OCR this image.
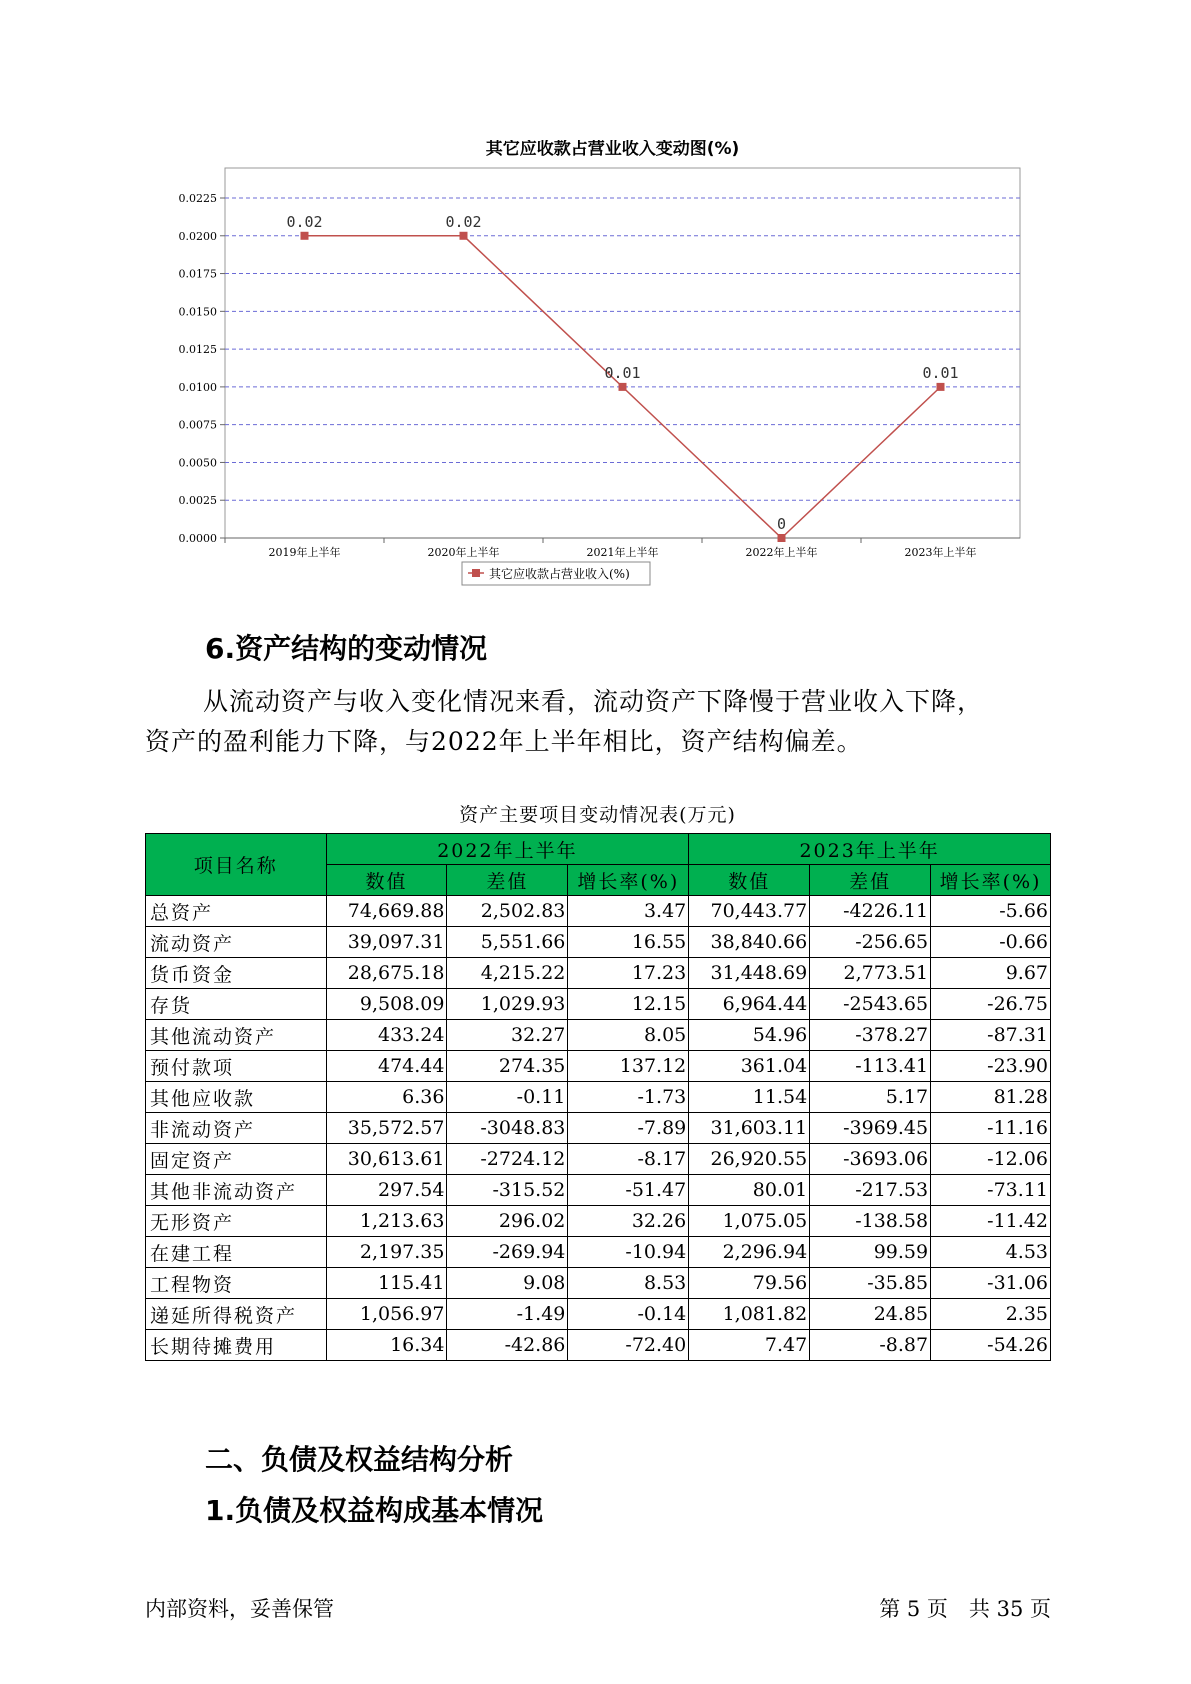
其它应收款占营业收入变动图(%)
0.0000
0.0025
0.0050
0.0075
0.0100
0.0125
0.0150
0.0175
0.0200
0.0225
2019年上半年	2020年上半年	2021年上半年	2022年上半年	2023年上半年
0.02	0.02
0.01
0
0.01
其它应收款占营业收入(%)
6.资产结构的变动情况
从流动资产与收入变化情况来看，流动资产下降慢于营业收入下降，
资产的盈利能力下降，与2022年上半年相比，资产结构偏差。
资产主要项目变动情况表(万元)
项目名称	2022年上半年			2023年上半年		
	数值	差值	增长率(%)	数值	差值	增长率(%)
总资产	74,669.88	2,502.83	3.47	70,443.77	-4226.11	-5.66
流动资产	39,097.31	5,551.66	16.55	38,840.66	-256.65	-0.66
货币资金	28,675.18	4,215.22	17.23	31,448.69	2,773.51	9.67
存货	9,508.09	1,029.93	12.15	6,964.44	-2543.65	-26.75
其他流动资产	433.24	32.27	8.05	54.96	-378.27	-87.31
预付款项	474.44	274.35	137.12	361.04	-113.41	-23.90
其他应收款	6.36	-0.11	-1.73	11.54	5.17	81.28
非流动资产	35,572.57	-3048.83	-7.89	31,603.11	-3969.45	-11.16
固定资产	30,613.61	-2724.12	-8.17	26,920.55	-3693.06	-12.06
其他非流动资产	297.54	-315.52	-51.47	80.01	-217.53	-73.11
无形资产	1,213.63	296.02	32.26	1,075.05	-138.58	-11.42
在建工程	2,197.35	-269.94	-10.94	2,296.94	99.59	4.53
工程物资	115.41	9.08	8.53	79.56	-35.85	-31.06
递延所得税资产	1,056.97	-1.49	-0.14	1,081.82	24.85	2.35
长期待摊费用	16.34	-42.86	-72.40	7.47	-8.87	-54.26
二、负债及权益结构分析
1.负债及权益构成基本情况
内部资料，妥善保管	第 5 页　共 35 页
